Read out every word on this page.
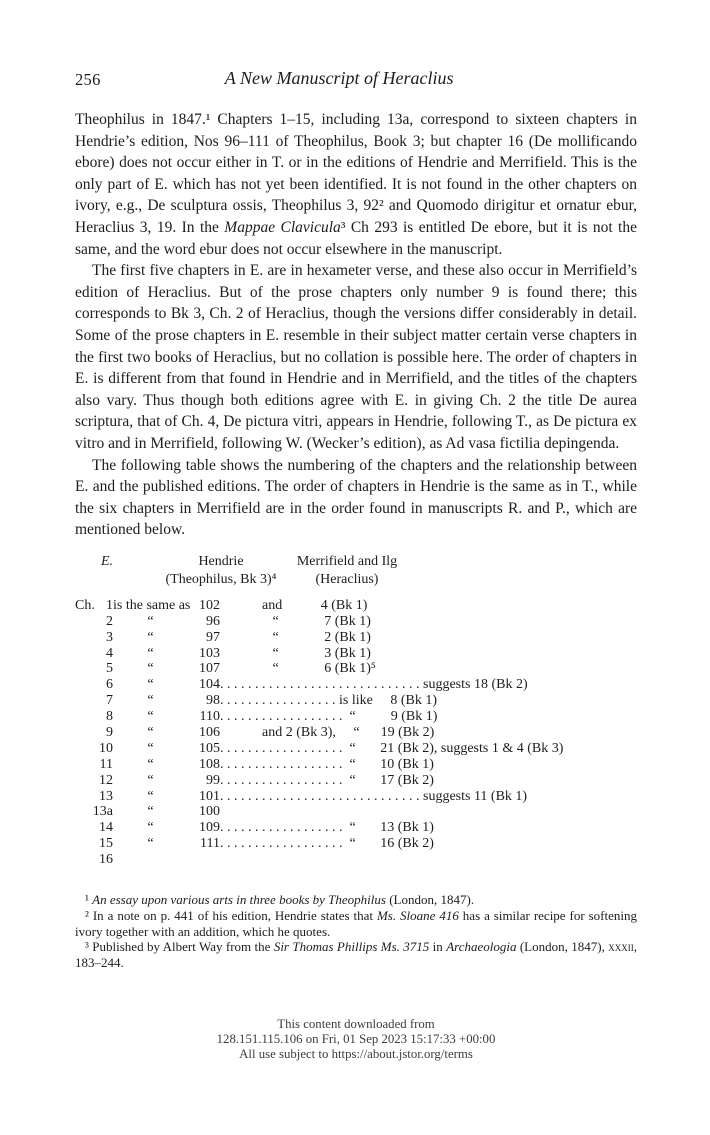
256	A New Manuscript of Heraclius

Theophilus in 1847.¹ Chapters 1–15, including 13a, correspond to sixteen chapters in Hendrie’s edition, Nos 96–111 of Theophilus, Book 3; but chapter 16 (De mollificando ebore) does not occur either in T. or in the editions of Hendrie and Merrifield. This is the only part of E. which has not yet been identified. It is not found in the other chapters on ivory, e.g., De sculptura ossis, Theophilus 3, 92² and Quomodo dirigitur et ornatur ebur, Heraclius 3, 19. In the Mappae Clavicula³ Ch 293 is entitled De ebore, but it is not the same, and the word ebur does not occur elsewhere in the manuscript.

The first five chapters in E. are in hexameter verse, and these also occur in Merrifield’s edition of Heraclius. But of the prose chapters only number 9 is found there; this corresponds to Bk 3, Ch. 2 of Heraclius, though the versions differ considerably in detail. Some of the prose chapters in E. resemble in their subject matter certain verse chapters in the first two books of Heraclius, but no collation is possible here. The order of chapters in E. is different from that found in Hendrie and in Merrifield, and the titles of the chapters also vary. Thus though both editions agree with E. in giving Ch. 2 the title De aurea scriptura, that of Ch. 4, De pictura vitri, appears in Hendrie, following T., as De pictura ex vitro and in Merrifield, following W. (Wecker’s edition), as Ad vasa fictilia depingenda.

The following table shows the numbering of the chapters and the relationship between E. and the published editions. The order of chapters in Hendrie is the same as in T., while the six chapters in Merrifield are in the order found in manuscripts R. and P., which are mentioned below.

E.	Hendrie
(Theophilus, Bk 3)⁴
Merrifield and Ilg
(Heraclius)
Ch. 1 is the same as 102 and           4 (Bk 1)
2	“	96 “             7 (Bk 1)
3	“	97 “             2 (Bk 1)
4	“	103 “             3 (Bk 1)
5	“	107 “             6 (Bk 1)⁵
6	“	104 . . . . . . . . . . . . . . . . . . . . . . . . . . . . . suggests 18 (Bk 2)
7	“	98 . . . . . . . . . . . . . . . . . is like     8 (Bk 1)
8	“	110 . . . . . . . . . . . . . . . . . .  “          9 (Bk 1)
9	“	106 and 2 (Bk 3),     “      19 (Bk 2)
10	“	105 . . . . . . . . . . . . . . . . . .  “       21 (Bk 2), suggests 1 & 4 (Bk 3)
11	“	108 . . . . . . . . . . . . . . . . . .  “       10 (Bk 1)
12	“	99 . . . . . . . . . . . . . . . . . .  “       17 (Bk 2)
13	“	101 . . . . . . . . . . . . . . . . . . . . . . . . . . . . . suggests 11 (Bk 1)
13a	“	100
14	“	109 . . . . . . . . . . . . . . . . . .  “       13 (Bk 1)
15	“	111 . . . . . . . . . . . . . . . . . .  “       16 (Bk 2)
16

¹ An essay upon various arts in three books by Theophilus (London, 1847).

² In a note on p. 441 of his edition, Hendrie states that Ms. Sloane 416 has a similar recipe for softening ivory together with an addition, which he quotes.

³ Published by Albert Way from the Sir Thomas Phillips Ms. 3715 in Archaeologia (London, 1847), xxxii, 183–244.

This content downloaded from
128.151.115.106 on Fri, 01 Sep 2023 15:17:33 +00:00
All use subject to https://about.jstor.org/terms
